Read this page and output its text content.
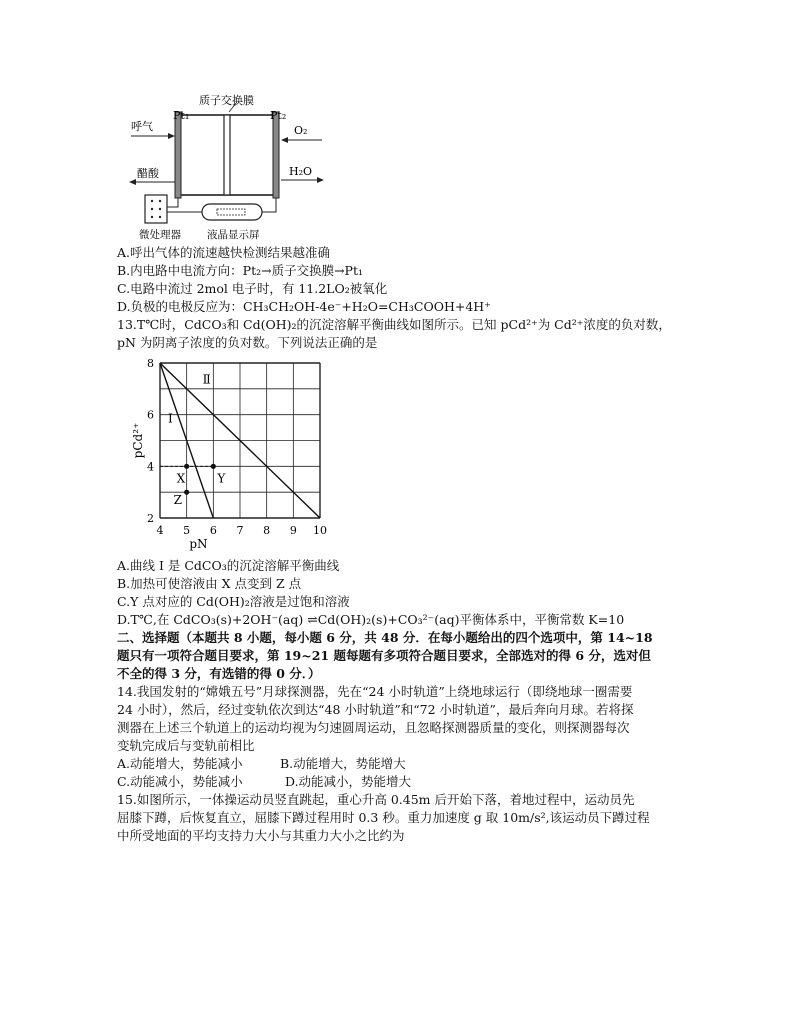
质子交换膜
Pt₁	Pt₂
呼气
醋酸
O₂
H₂O
微处理器 液晶显示屏
A.呼出气体的流速越快检测结果越准确
B.内电路中电流方向：Pt₂→质子交换膜→Pt₁
C.电路中流过 2mol 电子时，有 11.2LO₂被氧化
D.负极的电极反应为：CH₃CH₂OH-4e⁻+H₂O=CH₃COOH+4H⁺
13.T℃时，CdCO₃和 Cd(OH)₂的沉淀溶解平衡曲线如图所示。已知 pCd²⁺为 Cd²⁺浓度的负对数，
pN 为阴离子浓度的负对数。下列说法正确的是
I
Ⅱ
X	Y
Z
4 5 6 7 8 9 10
2
4
6
8
pN
pCd²⁺
A.曲线 I 是 CdCO₃的沉淀溶解平衡曲线
B.加热可使溶液由 X 点变到 Z 点
C.Y 点对应的 Cd(OH)₂溶液是过饱和溶液
D.T℃,在 CdCO₃(s)+2OH⁻(aq) ⇌Cd(OH)₂(s)+CO₃²⁻(aq)平衡体系中，平衡常数 K=10
二、选择题（本题共 8 小题，每小题 6 分，共 48 分．在每小题给出的四个选项中，第 14~18
题只有一项符合题目要求，第 19~21 题每题有多项符合题目要求，全部选对的得 6 分，选对但
不全的得 3 分，有选错的得 0 分．）
14.我国发射的“嫦娥五号”月球探测器，先在“24 小时轨道”上绕地球运行（即绕地球一圈需要
24 小时），然后，经过变轨依次到达“48 小时轨道”和“72 小时轨道”，最后奔向月球。若将探
测器在上述三个轨道上的运动均视为匀速圆周运动，且忽略探测器质量的变化，则探测器每次
变轨完成后与变轨前相比
A.动能增大，势能减小	B.动能增大，势能增大
C.动能减小，势能减小	D.动能减小，势能增大
15.如图所示，一体操运动员竖直跳起，重心升高 0.45m 后开始下落，着地过程中，运动员先
屈膝下蹲，后恢复直立，屈膝下蹲过程用时 0.3 秒。重力加速度 g 取 10m/s²,该运动员下蹲过程
中所受地面的平均支持力大小与其重力大小之比约为
